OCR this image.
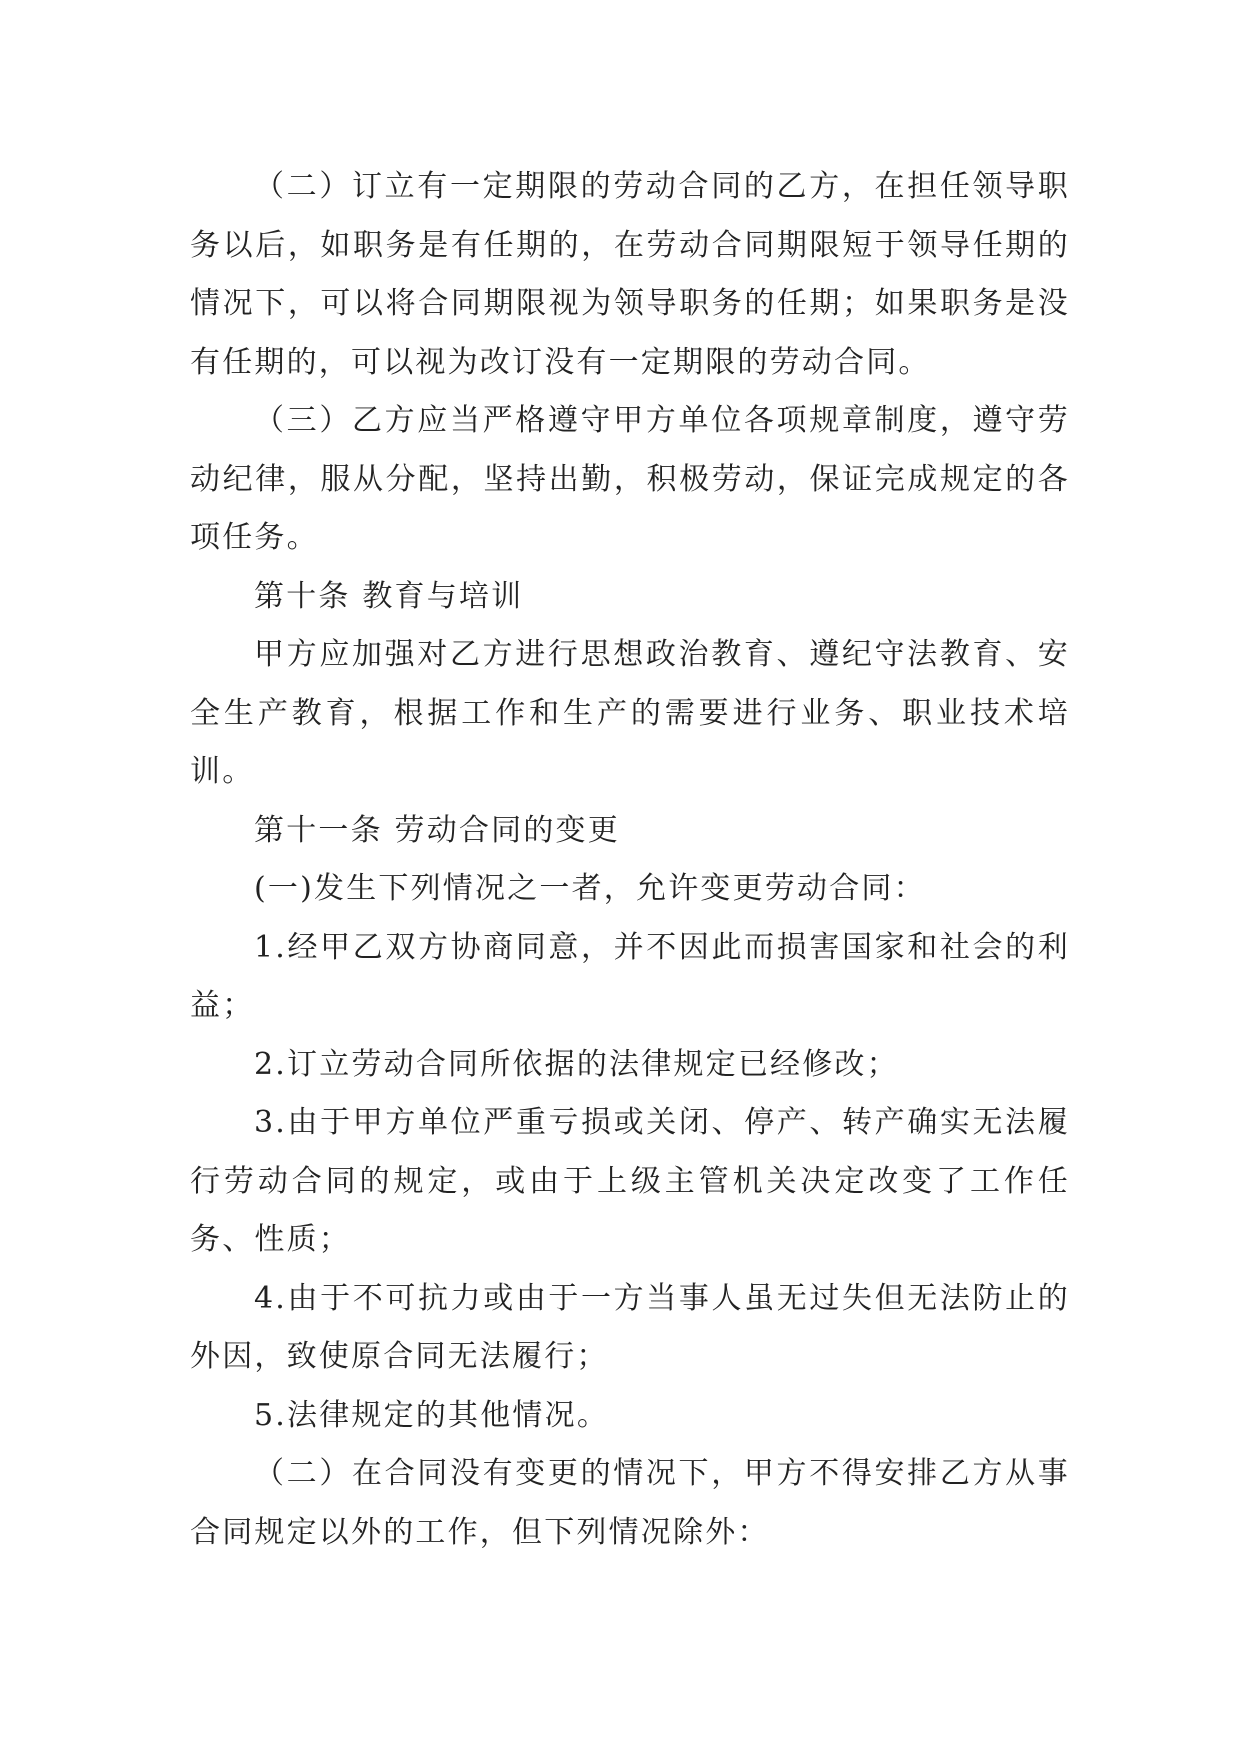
（二）订立有一定期限的劳动合同的乙方，在担任领导职务以后，如职务是有任期的，在劳动合同期限短于领导任期的情况下，可以将合同期限视为领导职务的任期；如果职务是没有任期的，可以视为改订没有一定期限的劳动合同。

（三）乙方应当严格遵守甲方单位各项规章制度，遵守劳动纪律，服从分配，坚持出勤，积极劳动，保证完成规定的各项任务。

第十条 教育与培训

甲方应加强对乙方进行思想政治教育、遵纪守法教育、安全生产教育，根据工作和生产的需要进行业务、职业技术培训。

第十一条 劳动合同的变更

(一)发生下列情况之一者，允许变更劳动合同：

1.经甲乙双方协商同意，并不因此而损害国家和社会的利益；

2.订立劳动合同所依据的法律规定已经修改；

3.由于甲方单位严重亏损或关闭、停产、转产确实无法履行劳动合同的规定，或由于上级主管机关决定改变了工作任务、性质；

4.由于不可抗力或由于一方当事人虽无过失但无法防止的外因，致使原合同无法履行；

5.法律规定的其他情况。

（二）在合同没有变更的情况下，甲方不得安排乙方从事合同规定以外的工作，但下列情况除外：
